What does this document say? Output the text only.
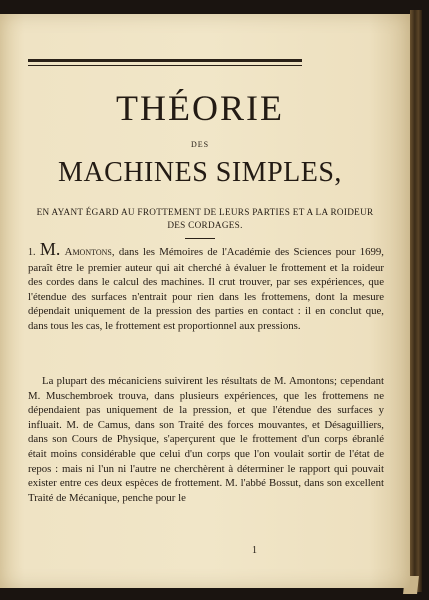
THÉORIE
DES
MACHINES SIMPLES,
EN AYANT ÉGARD AU FROTTEMENT DE LEURS PARTIES ET A LA ROIDEUR DES CORDAGES.

1. M. Amontons, dans les Mémoires de l'Académie des Sciences pour 1699, paraît être le premier auteur qui ait cherché à évaluer le frottement et la roideur des cordes dans le calcul des machines. Il crut trouver, par ses expériences, que l'étendue des surfaces n'entrait pour rien dans les frottemens, dont la mesure dépendait uniquement de la pression des parties en contact : il en conclut que, dans tous les cas, le frottement est proportionnel aux pressions.

La plupart des mécaniciens suivirent les résultats de M. Amontons; cependant M. Muschembroek trouva, dans plusieurs expériences, que les frottemens ne dépendaient pas uniquement de la pression, et que l'étendue des surfaces y influait. M. de Camus, dans son Traité des forces mouvantes, et Désaguilliers, dans son Cours de Physique, s'aperçurent que le frottement d'un corps ébranlé était moins considérable que celui d'un corps que l'on voulait sortir de l'état de repos : mais ni l'un ni l'autre ne cherchèrent à déterminer le rapport qui pouvait exister entre ces deux espèces de frottement. M. l'abbé Bossut, dans son excellent Traité de Mécanique, penche pour le

1
